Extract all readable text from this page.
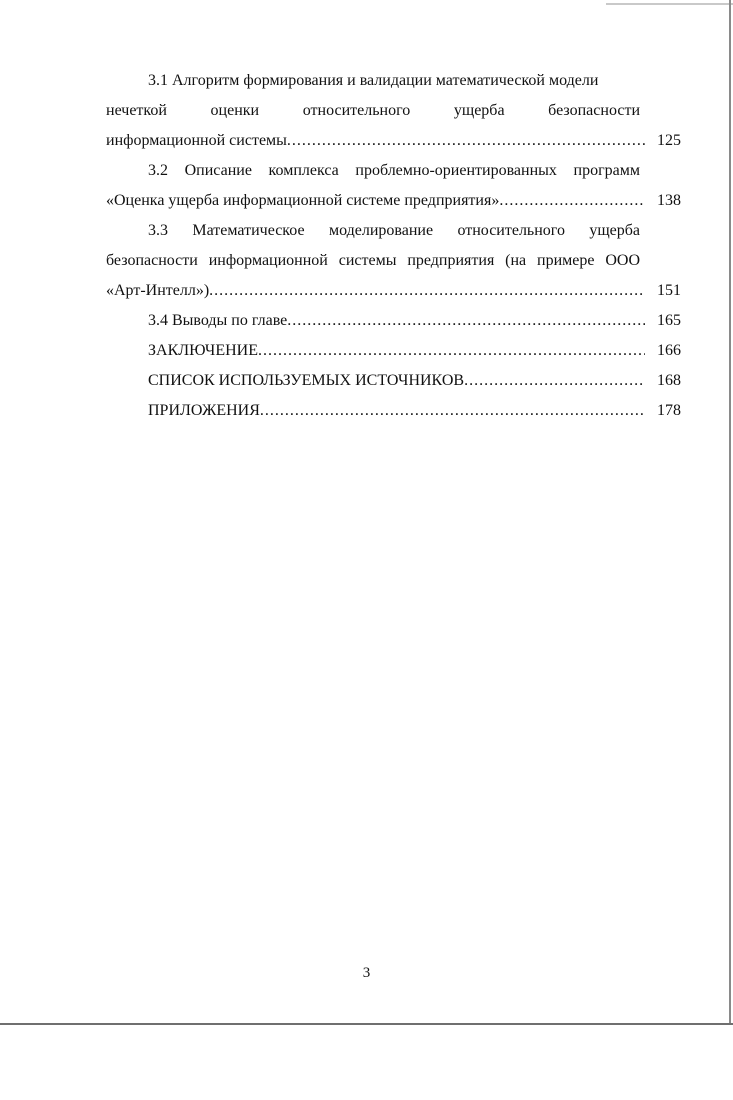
3.1 Алгоритм формирования и валидации математической модели
нечеткой оценки относительного ущерба безопасности
информационной системы .....	125
3.2 Описание комплекса проблемно-ориентированных программ
«Оценка ущерба информационной системе предприятия» .....	138
3.3 Математическое моделирование относительного ущерба
безопасности информационной системы предприятия (на примере ООО
«Арт-Интелл») .....	151
3.4 Выводы по главе .....	165
ЗАКЛЮЧЕНИЕ .....	166
СПИСОК ИСПОЛЬЗУЕМЫХ ИСТОЧНИКОВ .....	168
ПРИЛОЖЕНИЯ .....	178
3
